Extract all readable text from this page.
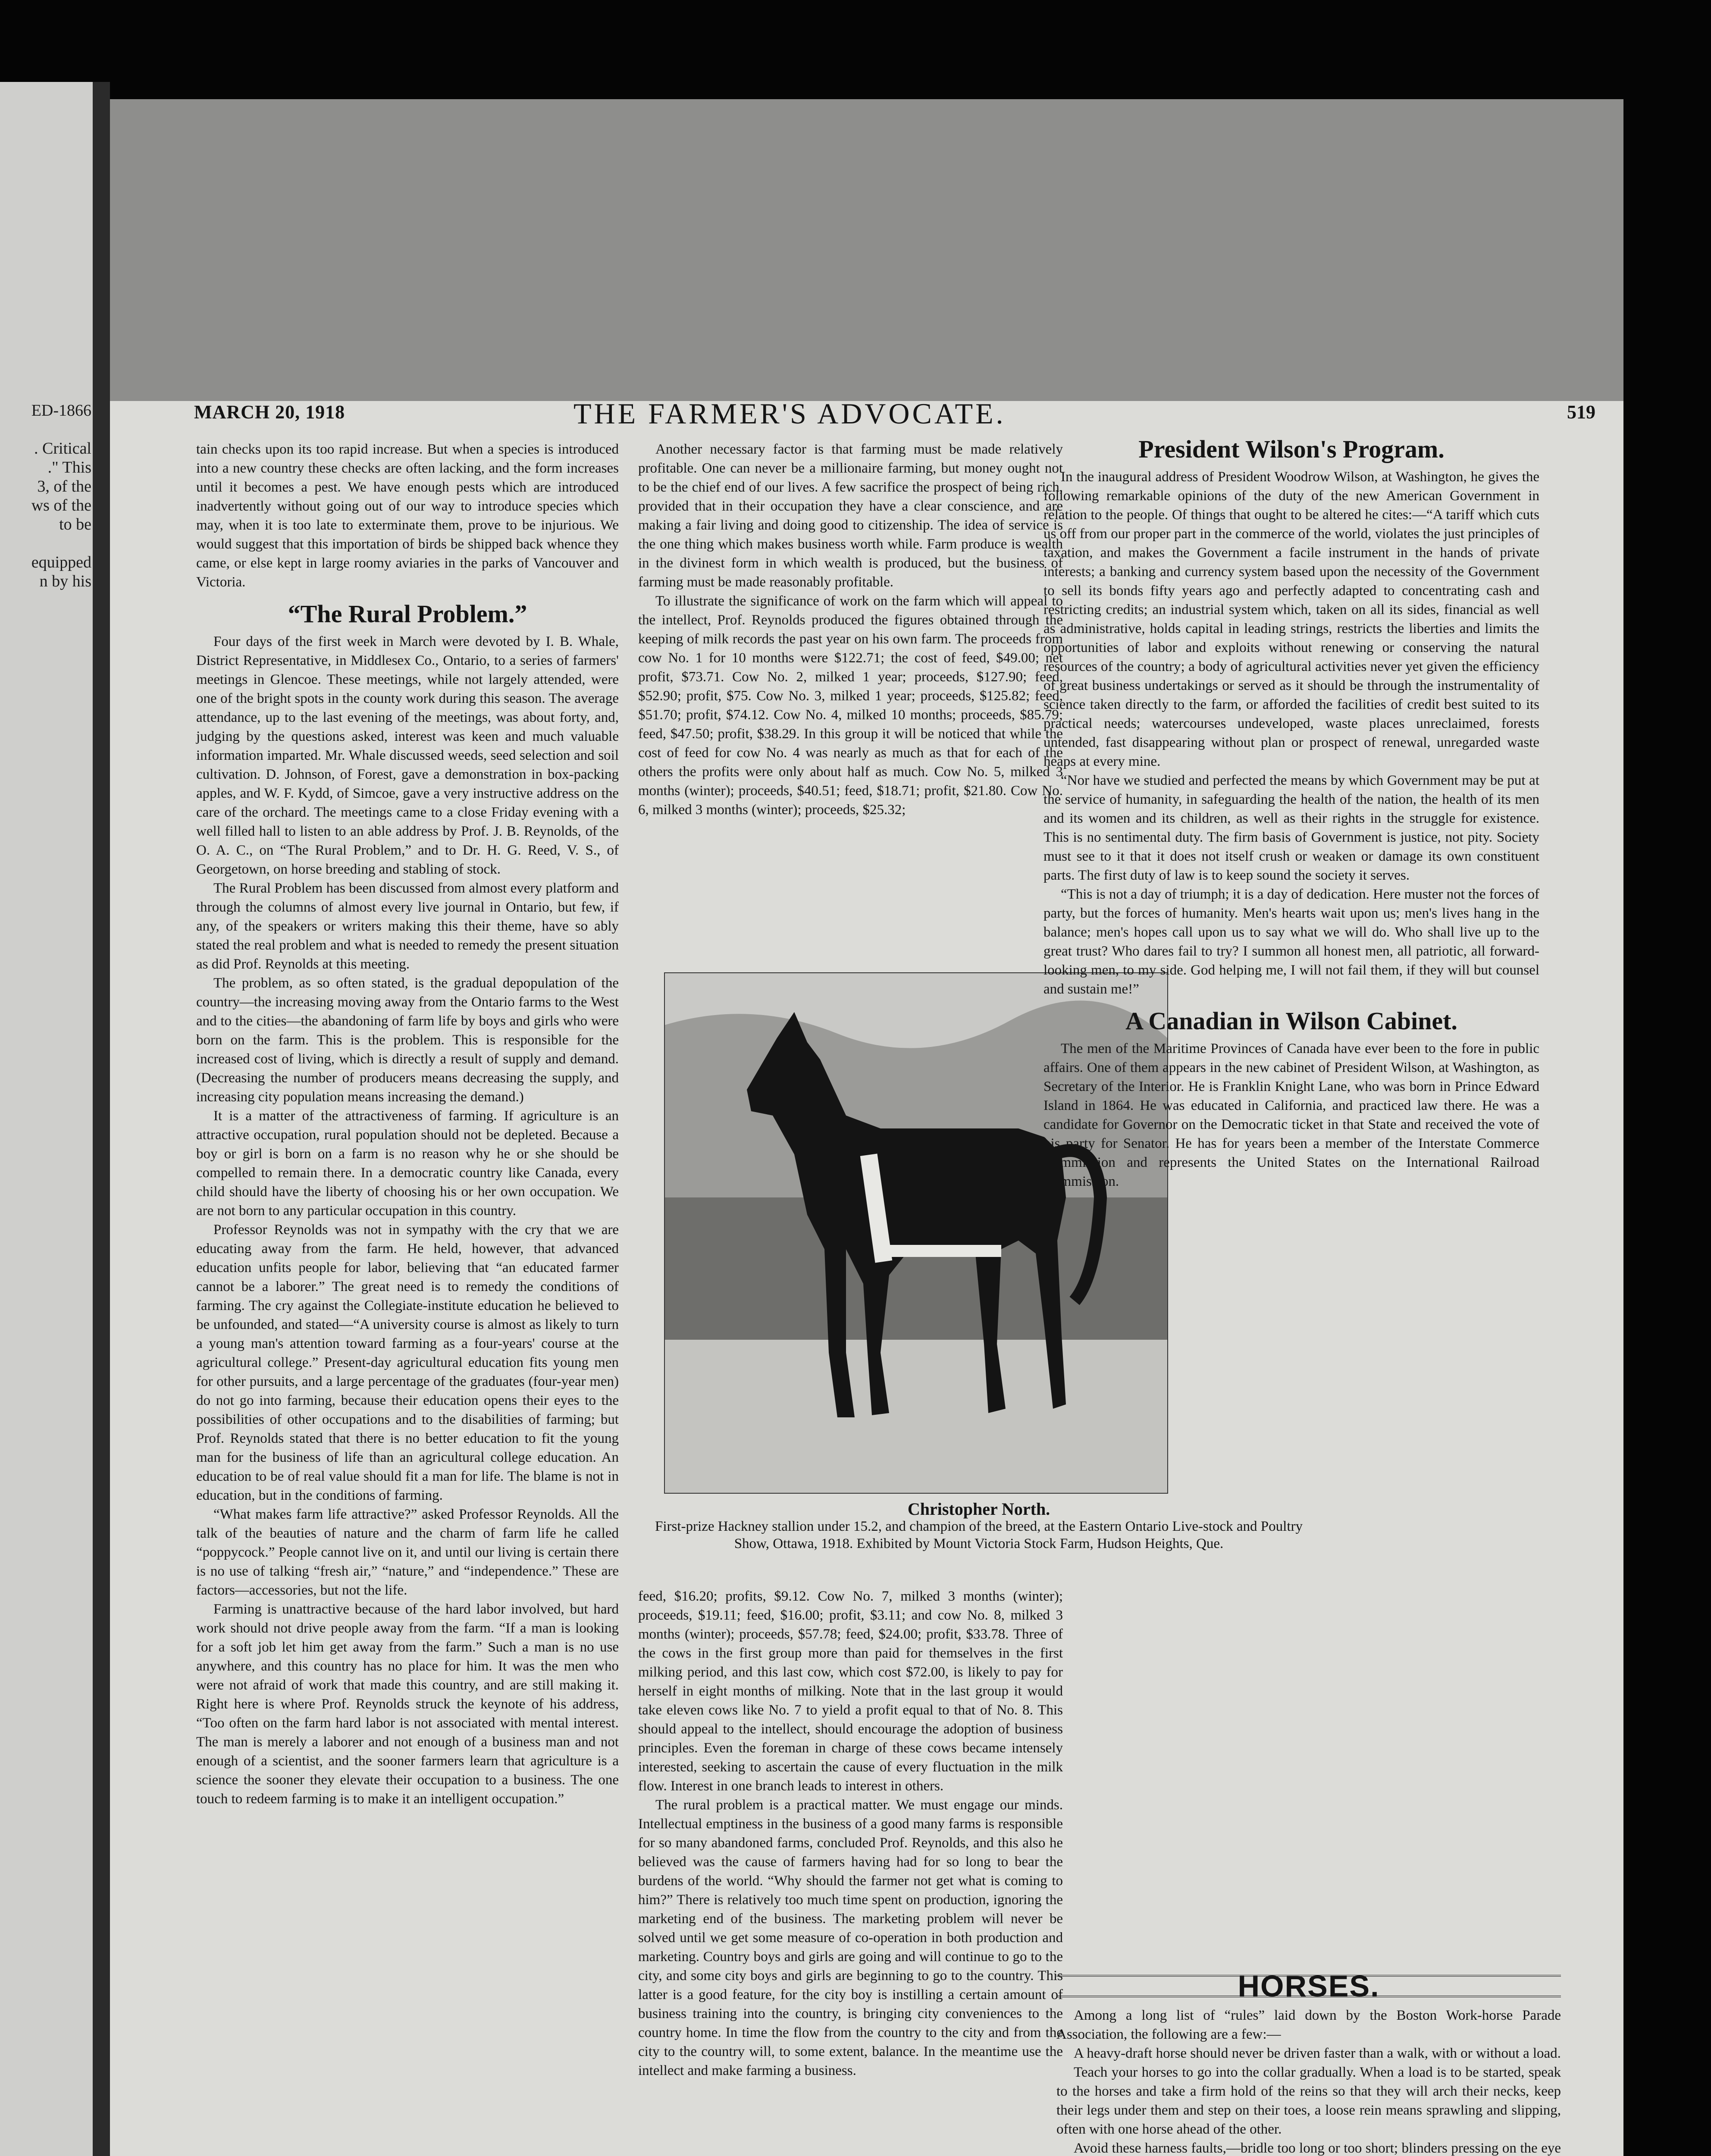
ED-1866

. Critical
." This
3, of the
ws of the
to be

equipped
n by his
MARCH 20, 1918	THE FARMER'S ADVOCATE.	519

tain checks upon its too rapid increase. But when a species is introduced into a new country these checks are often lacking, and the form increases until it becomes a pest. We have enough pests which are introduced inadvertently without going out of our way to introduce species which may, when it is too late to exterminate them, prove to be injurious. We would suggest that this importation of birds be shipped back whence they came, or else kept in large roomy aviaries in the parks of Vancouver and Victoria.

“The Rural Problem.”

Four days of the first week in March were devoted by I. B. Whale, District Representative, in Middlesex Co., Ontario, to a series of farmers' meetings in Glencoe. These meetings, while not largely attended, were one of the bright spots in the county work during this season. The average attendance, up to the last evening of the meetings, was about forty, and, judging by the questions asked, interest was keen and much valuable information imparted. Mr. Whale discussed weeds, seed selection and soil cultivation. D. Johnson, of Forest, gave a demonstration in box-packing apples, and W. F. Kydd, of Simcoe, gave a very instructive address on the care of the orchard. The meetings came to a close Friday evening with a well filled hall to listen to an able address by Prof. J. B. Reynolds, of the O. A. C., on “The Rural Problem,” and to Dr. H. G. Reed, V. S., of Georgetown, on horse breeding and stabling of stock.

The Rural Problem has been discussed from almost every platform and through the columns of almost every live journal in Ontario, but few, if any, of the speakers or writers making this their theme, have so ably stated the real problem and what is needed to remedy the present situation as did Prof. Reynolds at this meeting.

The problem, as so often stated, is the gradual depopulation of the country—the increasing moving away from the Ontario farms to the West and to the cities—the abandoning of farm life by boys and girls who were born on the farm. This is the problem. This is responsible for the increased cost of living, which is directly a result of supply and demand. (Decreasing the number of producers means decreasing the supply, and increasing city population means increasing the demand.)

It is a matter of the attractiveness of farming. If agriculture is an attractive occupation, rural population should not be depleted. Because a boy or girl is born on a farm is no reason why he or she should be compelled to remain there. In a democratic country like Canada, every child should have the liberty of choosing his or her own occupation. We are not born to any particular occupation in this country.

Professor Reynolds was not in sympathy with the cry that we are educating away from the farm. He held, however, that advanced education unfits people for labor, believing that “an educated farmer cannot be a laborer.” The great need is to remedy the conditions of farming. The cry against the Collegiate-institute education he believed to be unfounded, and stated—“A university course is almost as likely to turn a young man's attention toward farming as a four-years' course at the agricultural college.” Present-day agricultural education fits young men for other pursuits, and a large percentage of the graduates (four-year men) do not go into farming, because their education opens their eyes to the possibilities of other occupations and to the disabilities of farming; but Prof. Reynolds stated that there is no better education to fit the young man for the business of life than an agricultural college education. An education to be of real value should fit a man for life. The blame is not in education, but in the conditions of farming.

“What makes farm life attractive?” asked Professor Reynolds. All the talk of the beauties of nature and the charm of farm life he called “poppycock.” People cannot live on it, and until our living is certain there is no use of talking “fresh air,” “nature,” and “independence.” These are factors—accessories, but not the life.

Farming is unattractive because of the hard labor involved, but hard work should not drive people away from the farm. “If a man is looking for a soft job let him get away from the farm.” Such a man is no use anywhere, and this country has no place for him. It was the men who were not afraid of work that made this country, and are still making it. Right here is where Prof. Reynolds struck the keynote of his address, “Too often on the farm hard labor is not associated with mental interest. The man is merely a laborer and not enough of a business man and not enough of a scientist, and the sooner farmers learn that agriculture is a science the sooner they elevate their occupation to a business. The one touch to redeem farming is to make it an intelligent occupation.”

Another necessary factor is that farming must be made relatively profitable. One can never be a millionaire farming, but money ought not to be the chief end of our lives. A few sacrifice the prospect of being rich, provided that in their occupation they have a clear conscience, and are making a fair living and doing good to citizenship. The idea of service is the one thing which makes business worth while. Farm produce is wealth in the divinest form in which wealth is produced, but the business of farming must be made reasonably profitable.

To illustrate the significance of work on the farm which will appeal to the intellect, Prof. Reynolds produced the figures obtained through the keeping of milk records the past year on his own farm. The proceeds from cow No. 1 for 10 months were $122.71; the cost of feed, $49.00; net profit, $73.71. Cow No. 2, milked 1 year; proceeds, $127.90; feed, $52.90; profit, $75. Cow No. 3, milked 1 year; proceeds, $125.82; feed, $51.70; profit, $74.12. Cow No. 4, milked 10 months; proceeds, $85.79; feed, $47.50; profit, $38.29. In this group it will be noticed that while the cost of feed for cow No. 4 was nearly as much as that for each of the others the profits were only about half as much. Cow No. 5, milked 3 months (winter); proceeds, $40.51; feed, $18.71; profit, $21.80. Cow No. 6, milked 3 months (winter); proceeds, $25.32;

Christopher North.
First-prize Hackney stallion under 15.2, and champion of the breed, at the Eastern Ontario Live-stock and Poultry Show, Ottawa, 1918. Exhibited by Mount Victoria Stock Farm, Hudson Heights, Que.

feed, $16.20; profits, $9.12. Cow No. 7, milked 3 months (winter); proceeds, $19.11; feed, $16.00; profit, $3.11; and cow No. 8, milked 3 months (winter); proceeds, $57.78; feed, $24.00; profit, $33.78. Three of the cows in the first group more than paid for themselves in the first milking period, and this last cow, which cost $72.00, is likely to pay for herself in eight months of milking. Note that in the last group it would take eleven cows like No. 7 to yield a profit equal to that of No. 8. This should appeal to the intellect, should encourage the adoption of business principles. Even the foreman in charge of these cows became intensely interested, seeking to ascertain the cause of every fluctuation in the milk flow. Interest in one branch leads to interest in others.

The rural problem is a practical matter. We must engage our minds. Intellectual emptiness in the business of a good many farms is responsible for so many abandoned farms, concluded Prof. Reynolds, and this also he believed was the cause of farmers having had for so long to bear the burdens of the world. “Why should the farmer not get what is coming to him?” There is relatively too much time spent on production, ignoring the marketing end of the business. The marketing problem will never be solved until we get some measure of co-operation in both production and marketing. Country boys and girls are going and will continue to go to the city, and some city boys and girls are beginning to go to the country. This latter is a good feature, for the city boy is instilling a certain amount of business training into the country, is bringing city conveniences to the country home. In time the flow from the country to the city and from the city to the country will, to some extent, balance. In the meantime use the intellect and make farming a business.

President Wilson's Program.

In the inaugural address of President Woodrow Wilson, at Washington, he gives the following remarkable opinions of the duty of the new American Government in relation to the people. Of things that ought to be altered he cites:—“A tariff which cuts us off from our proper part in the commerce of the world, violates the just principles of taxation, and makes the Government a facile instrument in the hands of private interests; a banking and currency system based upon the necessity of the Government to sell its bonds fifty years ago and perfectly adapted to concentrating cash and restricting credits; an industrial system which, taken on all its sides, financial as well as administrative, holds capital in leading strings, restricts the liberties and limits the opportunities of labor and exploits without renewing or conserving the natural resources of the country; a body of agricultural activities never yet given the efficiency of great business undertakings or served as it should be through the instrumentality of science taken directly to the farm, or afforded the facilities of credit best suited to its practical needs; watercourses undeveloped, waste places unreclaimed, forests untended, fast disappearing without plan or prospect of renewal, unregarded waste heaps at every mine.

“Nor have we studied and perfected the means by which Government may be put at the service of humanity, in safeguarding the health of the nation, the health of its men and its women and its children, as well as their rights in the struggle for existence. This is no sentimental duty. The firm basis of Government is justice, not pity. Society must see to it that it does not itself crush or weaken or damage its own constituent parts. The first duty of law is to keep sound the society it serves.

“This is not a day of triumph; it is a day of dedication. Here muster not the forces of party, but the forces of humanity. Men's hearts wait upon us; men's lives hang in the balance; men's hopes call upon us to say what we will do. Who shall live up to the great trust? Who dares fail to try? I summon all honest men, all patriotic, all forward-looking men, to my side. God helping me, I will not fail them, if they will but counsel and sustain me!”

A Canadian in Wilson Cabinet.

The men of the Maritime Provinces of Canada have ever been to the fore in public affairs. One of them appears in the new cabinet of President Wilson, at Washington, as Secretary of the Interior. He is Franklin Knight Lane, who was born in Prince Edward Island in 1864. He was educated in California, and practiced law there. He was a candidate for Governor on the Democratic ticket in that State and received the vote of his party for Senator. He has for years been a member of the Interstate Commerce Commission and represents the United States on the International Railroad Commission.

HORSES.

Among a long list of “rules” laid down by the Boston Work-horse Parade Association, the following are a few:—

A heavy-draft horse should never be driven faster than a walk, with or without a load.

Teach your horses to go into the collar gradually. When a load is to be started, speak to the horses and take a firm hold of the reins so that they will arch their necks, keep their legs under them and step on their toes, a loose rein means sprawling and slipping, often with one horse ahead of the other.

Avoid these harness faults,—bridle too long or too short; blinders pressing on the eye
